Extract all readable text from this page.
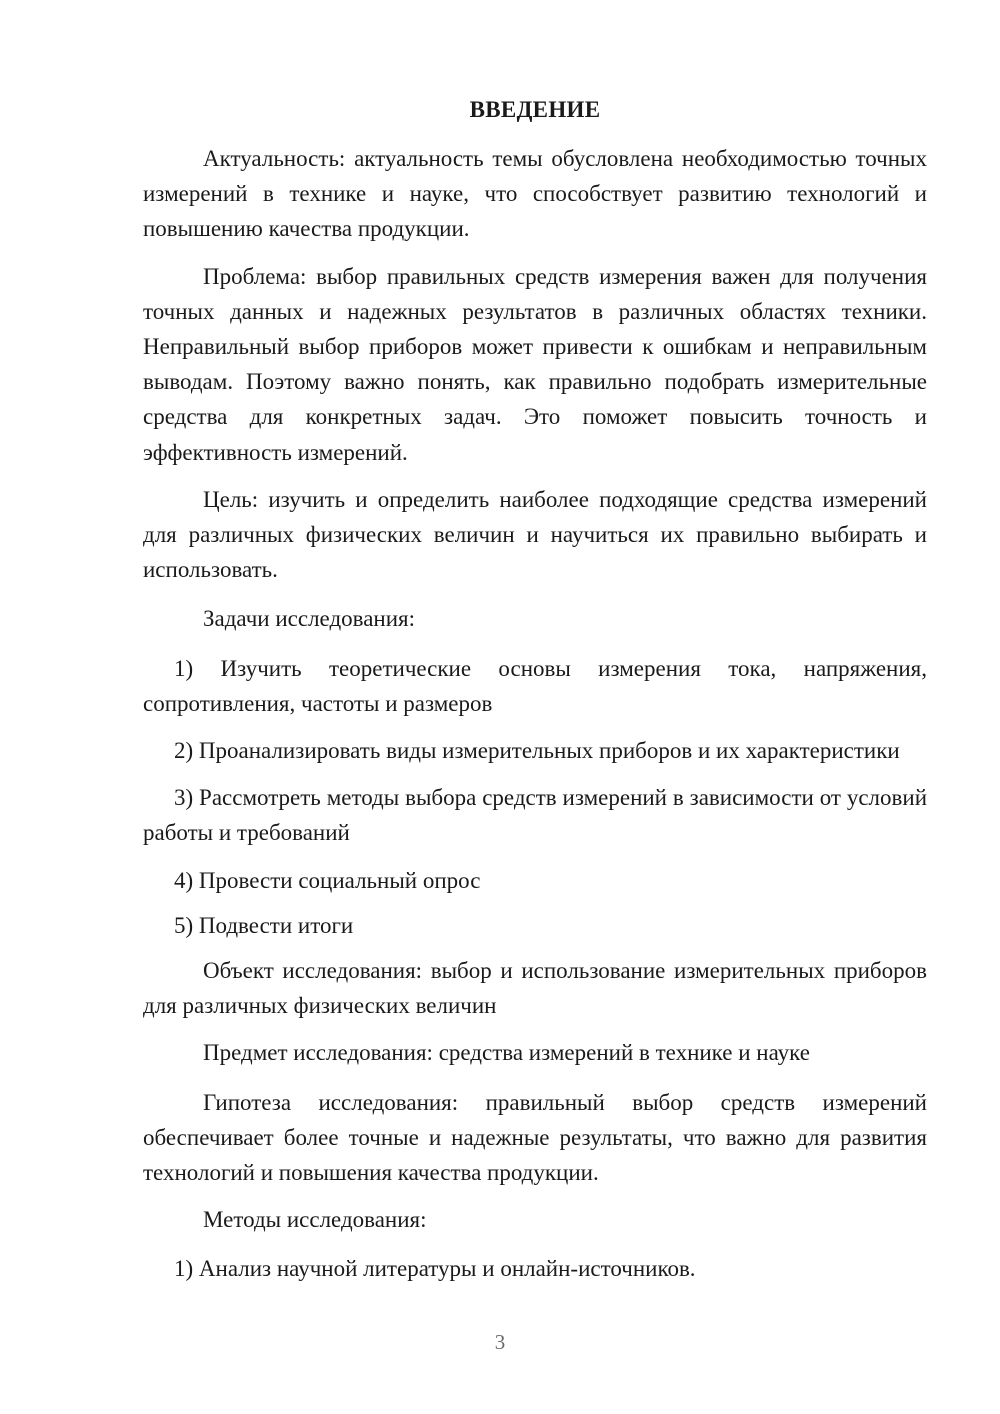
ВВЕДЕНИЕ

Актуальность: актуальность темы обусловлена необходимостью точных измерений в технике и науке, что способствует развитию технологий и повышению качества продукции.

Проблема: выбор правильных средств измерения важен для получения точных данных и надежных результатов в различных областях техники. Неправильный выбор приборов может привести к ошибкам и неправильным выводам. Поэтому важно понять, как правильно подобрать измерительные средства для конкретных задач. Это поможет повысить точность и эффективность измерений.

Цель: изучить и определить наиболее подходящие средства измерений для различных физических величин и научиться их правильно выбирать и использовать.

Задачи исследования:

1) Изучить теоретические основы измерения тока, напряжения, сопротивления, частоты и размеров

2) Проанализировать виды измерительных приборов и их характеристики

3) Рассмотреть методы выбора средств измерений в зависимости от условий работы и требований

4) Провести социальный опрос

5) Подвести итоги

Объект исследования: выбор и использование измерительных приборов для различных физических величин

Предмет исследования: средства измерений в технике и науке

Гипотеза исследования: правильный выбор средств измерений обеспечивает более точные и надежные результаты, что важно для развития технологий и повышения качества продукции.

Методы исследования:

1) Анализ научной литературы и онлайн-источников.

3
